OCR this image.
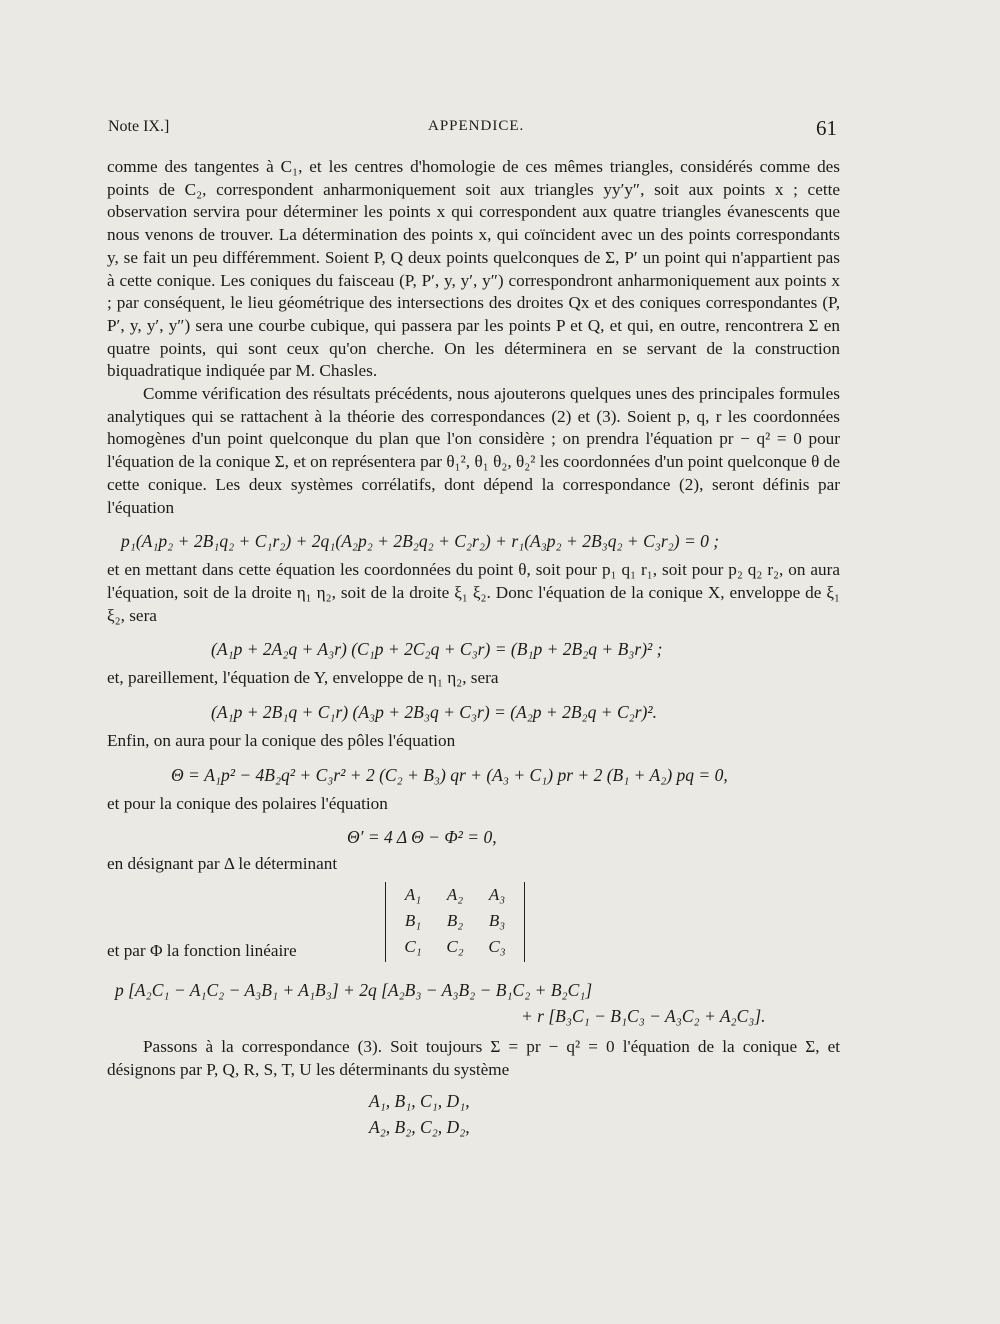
Note IX.]	APPENDICE.	61

comme des tangentes à C₁, et les centres d'homologie de ces mêmes triangles, considérés comme des points de C₂, correspondent anharmoniquement soit aux triangles yy′y″, soit aux points x ; cette observation servira pour déterminer les points x qui correspondent aux quatre triangles évanescents que nous venons de trouver. La détermination des points x, qui coïncident avec un des points correspondants y, se fait un peu différemment. Soient P, Q deux points quelconques de Σ, P′ un point qui n'appartient pas à cette conique. Les coniques du faisceau (P, P′, y, y′, y″) correspondront anharmoniquement aux points x ; par conséquent, le lieu géométrique des intersections des droites Qx et des coniques correspondantes (P, P′, y, y′, y″) sera une courbe cubique, qui passera par les points P et Q, et qui, en outre, rencontrera Σ en quatre points, qui sont ceux qu'on cherche. On les déterminera en se servant de la construction biquadratique indiquée par M. Chasles.

Comme vérification des résultats précédents, nous ajouterons quelques unes des principales formules analytiques qui se rattachent à la théorie des correspondances (2) et (3). Soient p, q, r les coordonnées homogènes d'un point quelconque du plan que l'on considère ; on prendra l'équation pr − q² = 0 pour l'équation de la conique Σ, et on représentera par θ₁², θ₁ θ₂, θ₂² les coordonnées d'un point quelconque θ de cette conique. Les deux systèmes corrélatifs, dont dépend la correspondance (2), seront définis par l'équation

p₁(A₁p₂ + 2B₁q₂ + C₁r₂) + 2q₁(A₂p₂ + 2B₂q₂ + C₂r₂) + r₁(A₃p₂ + 2B₃q₂ + C₃r₂) = 0 ;

et en mettant dans cette équation les coordonnées du point θ, soit pour p₁ q₁ r₁, soit pour p₂ q₂ r₂, on aura l'équation, soit de la droite η₁ η₂, soit de la droite ξ₁ ξ₂. Donc l'équation de la conique X, enveloppe de ξ₁ ξ₂, sera

(A₁p + 2A₂q + A₃r) (C₁p + 2C₂q + C₃r) = (B₁p + 2B₂q + B₃r)² ;

et, pareillement, l'équation de Y, enveloppe de η₁ η₂, sera

(A₁p + 2B₁q + C₁r) (A₃p + 2B₃q + C₃r) = (A₂p + 2B₂q + C₂r)².

Enfin, on aura pour la conique des pôles l'équation

Θ = A₁p² − 4B₂q² + C₃r² + 2 (C₂ + B₃) qr + (A₃ + C₁) pr + 2 (B₁ + A₂) pq = 0,

et pour la conique des polaires l'équation

Θ′ = 4 Δ Θ − Φ² = 0,

en désignant par Δ le déterminant

A₁ A₂ A₃
B₁ B₂ B₃
C₁ C₂ C₃

et par Φ la fonction linéaire

p [A₂C₁ − A₁C₂ − A₃B₁ + A₁B₃] + 2q [A₂B₃ − A₃B₂ − B₁C₂ + B₂C₁]
+ r [B₃C₁ − B₁C₃ − A₃C₂ + A₂C₃].

Passons à la correspondance (3). Soit toujours Σ = pr − q² = 0 l'équation de la conique Σ, et désignons par P, Q, R, S, T, U les déterminants du système

A₁, B₁, C₁, D₁,
A₂, B₂, C₂, D₂,
